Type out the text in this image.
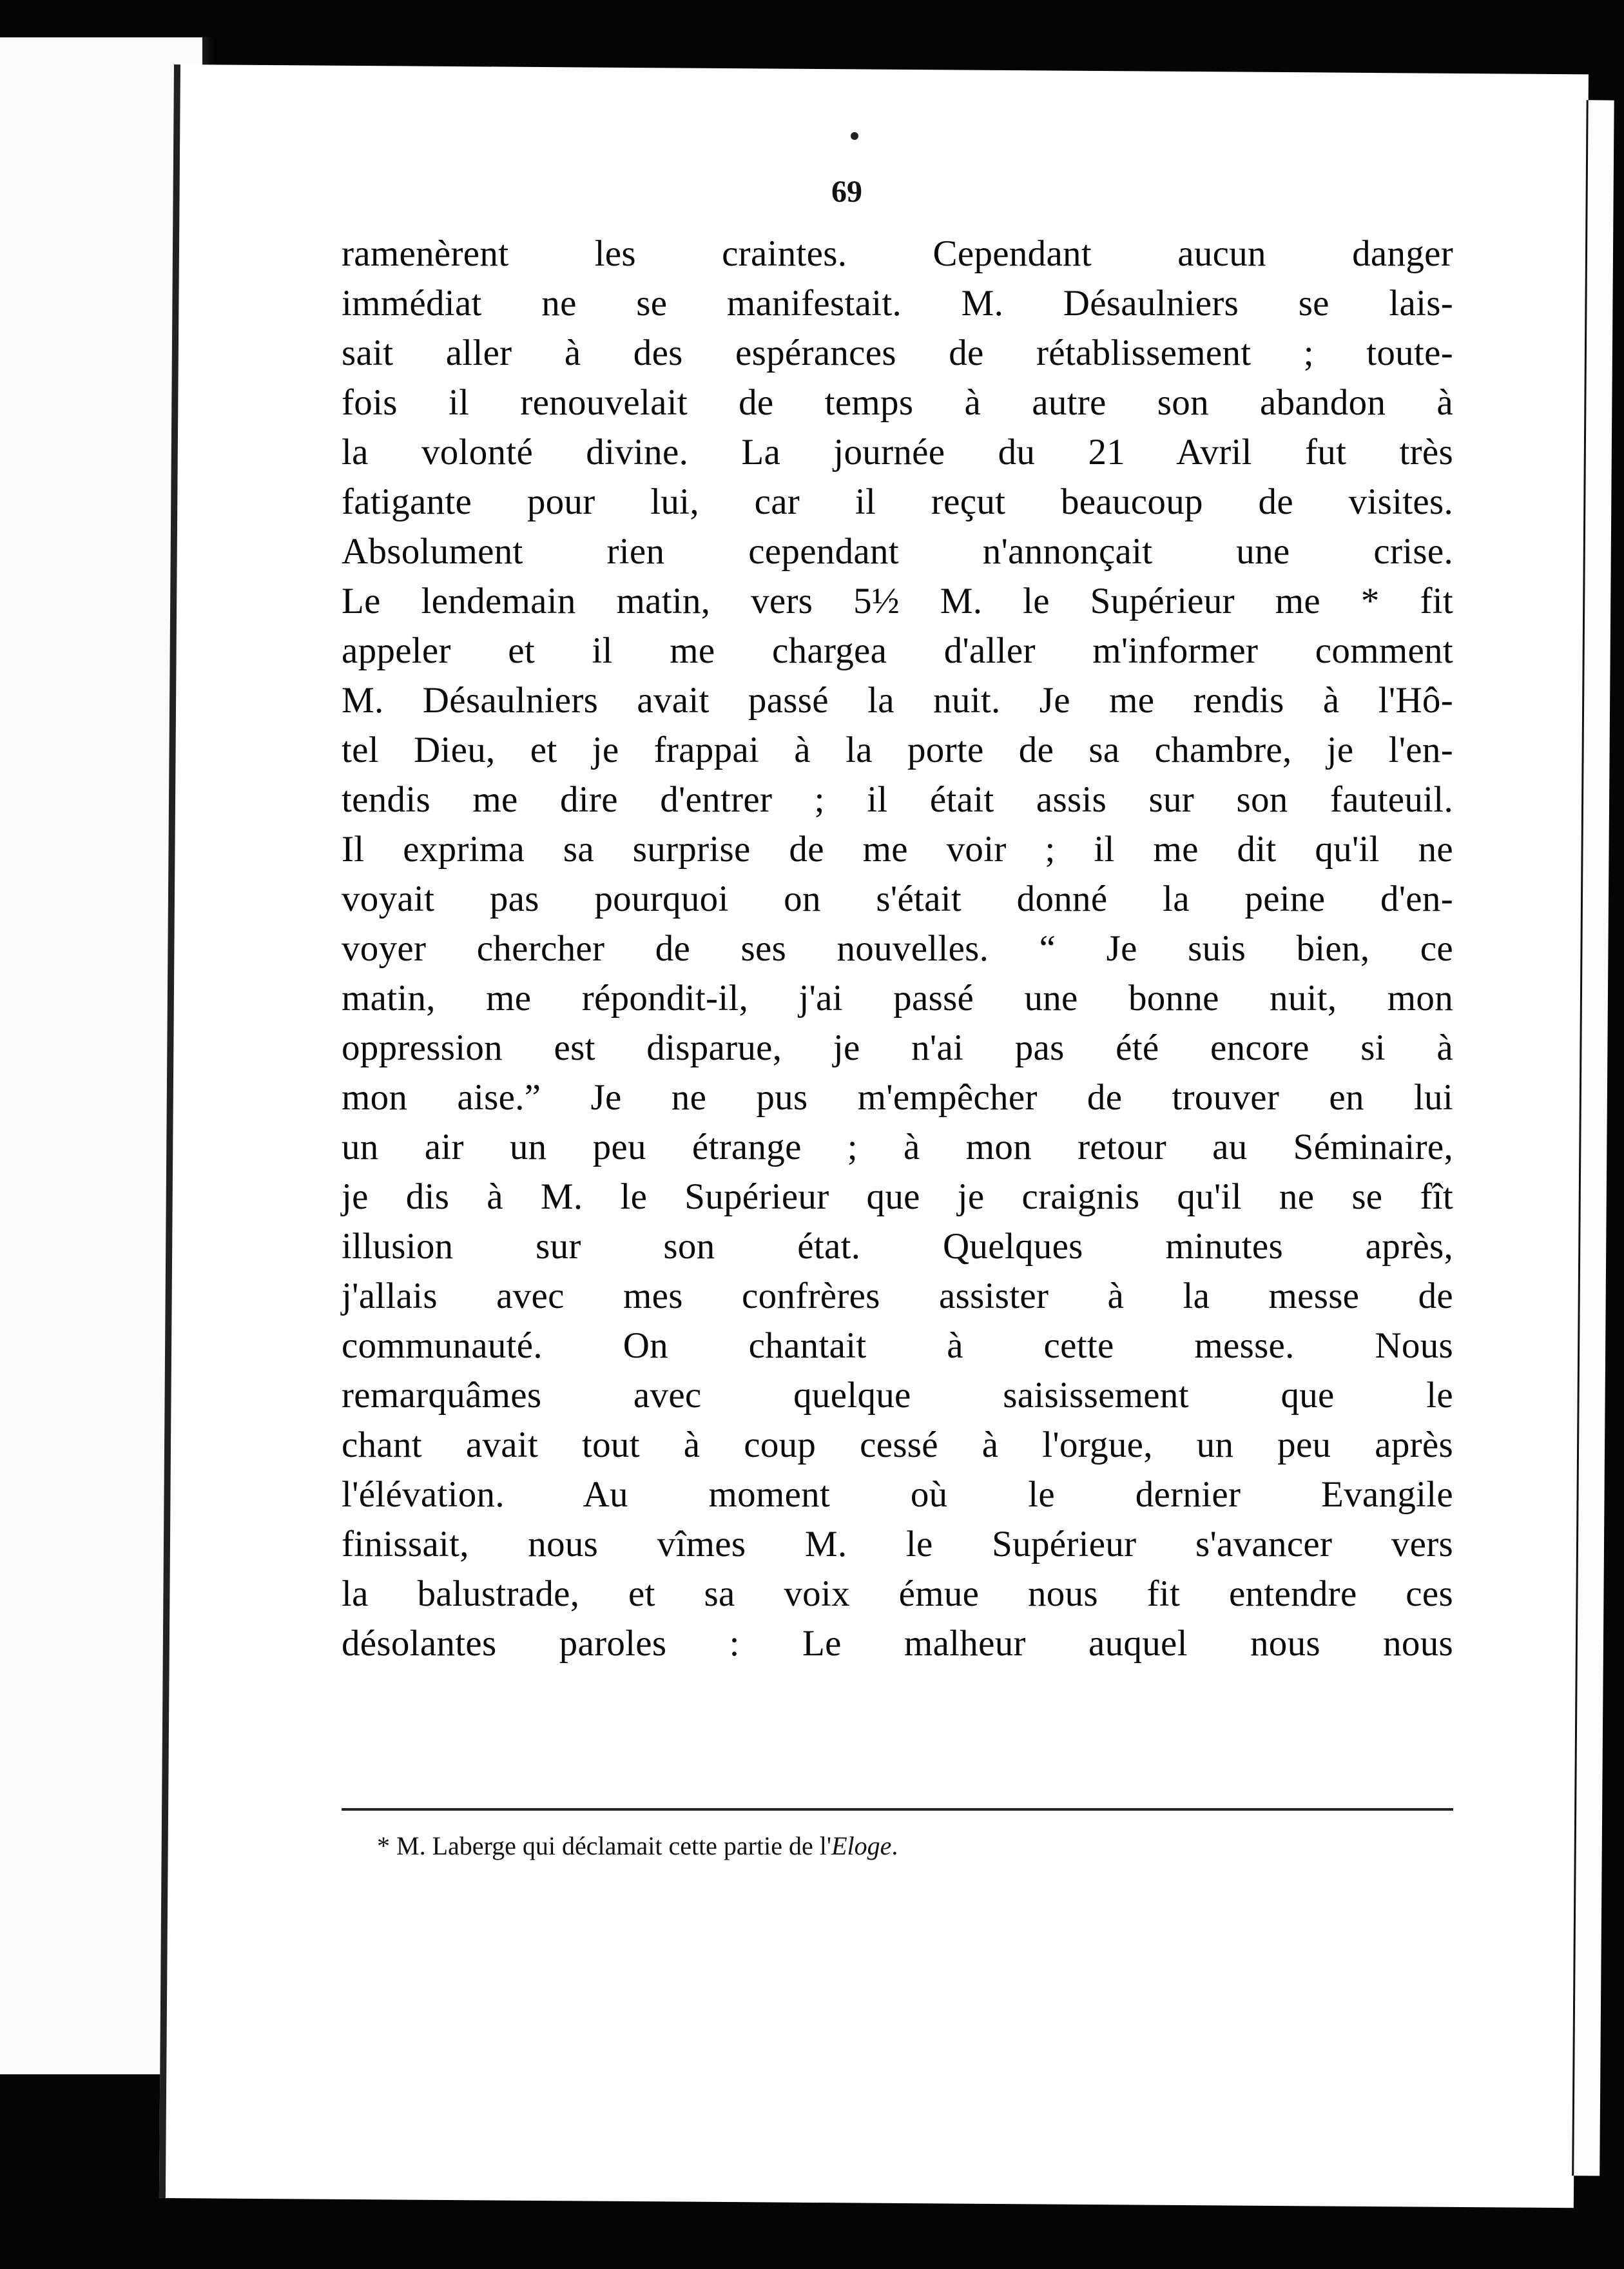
69
ramenèrent les craintes. Cependant aucun danger
immédiat ne se manifestait. M. Désaulniers se lais-
sait aller à des espérances de rétablissement ; toute-
fois il renouvelait de temps à autre son abandon à
la volonté divine. La journée du 21 Avril fut très
fatigante pour lui, car il reçut beaucoup de visites.
Absolument rien cependant n'annonçait une crise.
Le lendemain matin, vers 5½ M. le Supérieur me * fit
appeler et il me chargea d'aller m'informer comment
M. Désaulniers avait passé la nuit. Je me rendis à l'Hô-
tel Dieu, et je frappai à la porte de sa chambre, je l'en-
tendis me dire d'entrer ; il était assis sur son fauteuil.
Il exprima sa surprise de me voir ; il me dit qu'il ne
voyait pas pourquoi on s'était donné la peine d'en-
voyer chercher de ses nouvelles. “ Je suis bien, ce
matin, me répondit-il, j'ai passé une bonne nuit, mon
oppression est disparue, je n'ai pas été encore si à
mon aise.” Je ne pus m'empêcher de trouver en lui
un air un peu étrange ; à mon retour au Séminaire,
je dis à M. le Supérieur que je craignis qu'il ne se fît
illusion sur son état. Quelques minutes après,
j'allais avec mes confrères assister à la messe de
communauté. On chantait à cette messe. Nous
remarquâmes avec quelque saisissement que le
chant avait tout à coup cessé à l'orgue, un peu après
l'élévation. Au moment où le dernier Evangile
finissait, nous vîmes M. le Supérieur s'avancer vers
la balustrade, et sa voix émue nous fit entendre ces
désolantes paroles : Le malheur auquel nous nous
* M. Laberge qui déclamait cette partie de l'Eloge.
